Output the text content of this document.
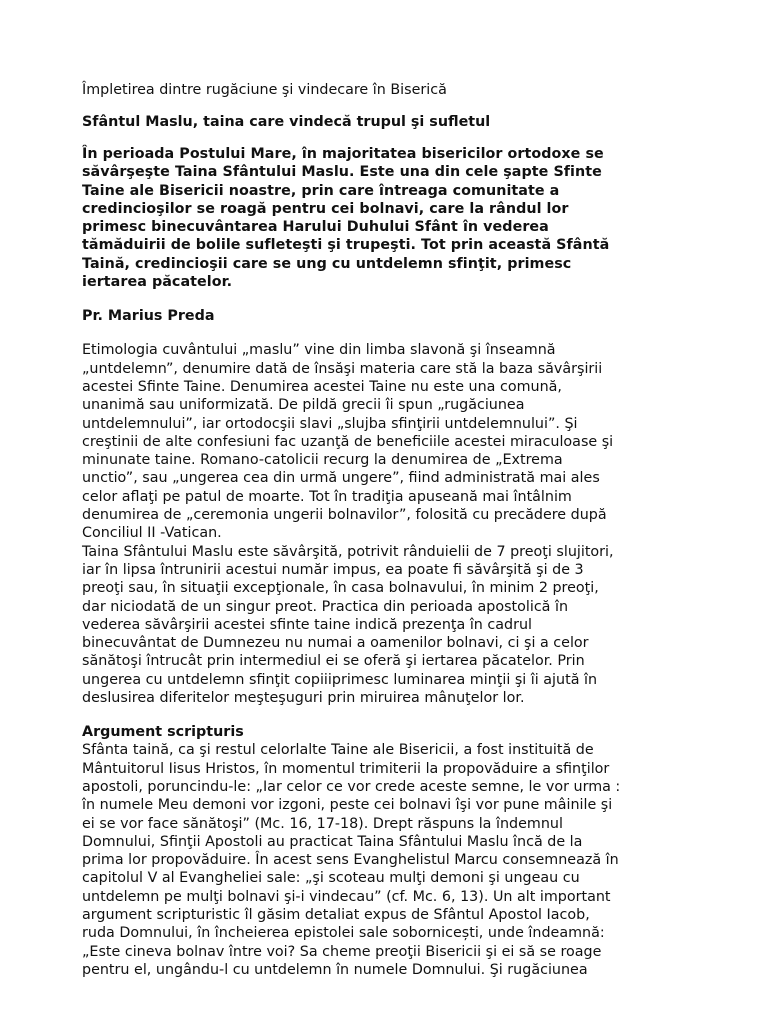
Împletirea dintre rugăciune şi vindecare în Biserică
Sfântul Maslu, taina care vindecă trupul şi sufletul
În perioada Postului Mare, în majoritatea bisericilor ortodoxe se
săvârşeşte Taina Sfântului Maslu. Este una din cele şapte Sfinte
Taine ale Bisericii noastre, prin care întreaga comunitate a
credincioşilor se roagă pentru cei bolnavi, care la rândul lor
primesc binecuvântarea Harului Duhului Sfânt în vederea
tămăduirii de bolile sufleteşti şi trupeşti. Tot prin această Sfântă
Taină, credincioşii care se ung cu untdelemn sfinţit, primesc
iertarea păcatelor.
Pr. Marius Preda
Etimologia cuvântului „maslu” vine din limba slavonă şi înseamnă
„untdelemn”, denumire dată de însăşi materia care stă la baza săvârşirii
acestei Sfinte Taine. Denumirea acestei Taine nu este una comună,
unanimă sau uniformizată. De pildă grecii îi spun „rugăciunea
untdelemnului”, iar ortodocşii slavi „slujba sfinţirii untdelemnului”. Şi
creştinii de alte confesiuni fac uzanţă de beneficiile acestei miraculoase şi
minunate taine. Romano-catolicii recurg la denumirea de „Extrema
unctio”, sau „ungerea cea din urmă ungere”, fiind administrată mai ales
celor aflaţi pe patul de moarte. Tot în tradiţia apuseană mai întâlnim
denumirea de „ceremonia ungerii bolnavilor”, folosită cu precădere după
Conciliul II -Vatican.
Taina Sfântului Maslu este săvârşită, potrivit rânduielii de 7 preoţi slujitori,
iar în lipsa întrunirii acestui număr impus, ea poate fi săvârşită şi de 3
preoţi sau, în situaţii excepţionale, în casa bolnavului, în minim 2 preoţi,
dar niciodată de un singur preot. Practica din perioada apostolică în
vederea săvârşirii acestei sfinte taine indică prezenţa în cadrul
binecuvântat de Dumnezeu nu numai a oamenilor bolnavi, ci şi a celor
sănătoşi întrucât prin intermediul ei se oferă şi iertarea păcatelor. Prin
ungerea cu untdelemn sfinţit copiiiprimesc luminarea minţii şi îi ajută în
deslusirea diferitelor meşteşuguri prin miruirea mânuţelor lor.
Argument scripturis
Sfânta taină, ca şi restul celorlalte Taine ale Bisericii, a fost instituită de
Mântuitorul Iisus Hristos, în momentul trimiterii la propovăduire a sfinţilor
apostoli, poruncindu-le: „Iar celor ce vor crede aceste semne, le vor urma :
în numele Meu demoni vor izgoni, peste cei bolnavi îşi vor pune mâinile şi
ei se vor face sănătoşi” (Mc. 16, 17-18). Drept răspuns la îndemnul
Domnului, Sfinţii Apostoli au practicat Taina Sfântului Maslu încă de la
prima lor propovăduire. În acest sens Evanghelistul Marcu consemnează în
capitolul V al Evangheliei sale: „şi scoteau mulţi demoni şi ungeau cu
untdelemn pe mulţi bolnavi şi-i vindecau” (cf. Mc. 6, 13). Un alt important
argument scripturistic îl găsim detaliat expus de Sfântul Apostol Iacob,
ruda Domnului, în încheierea epistolei sale sobornicești, unde îndeamnă:
„Este cineva bolnav între voi? Sa cheme preoţii Bisericii şi ei să se roage
pentru el, ungându-l cu untdelemn în numele Domnului. Şi rugăciunea
